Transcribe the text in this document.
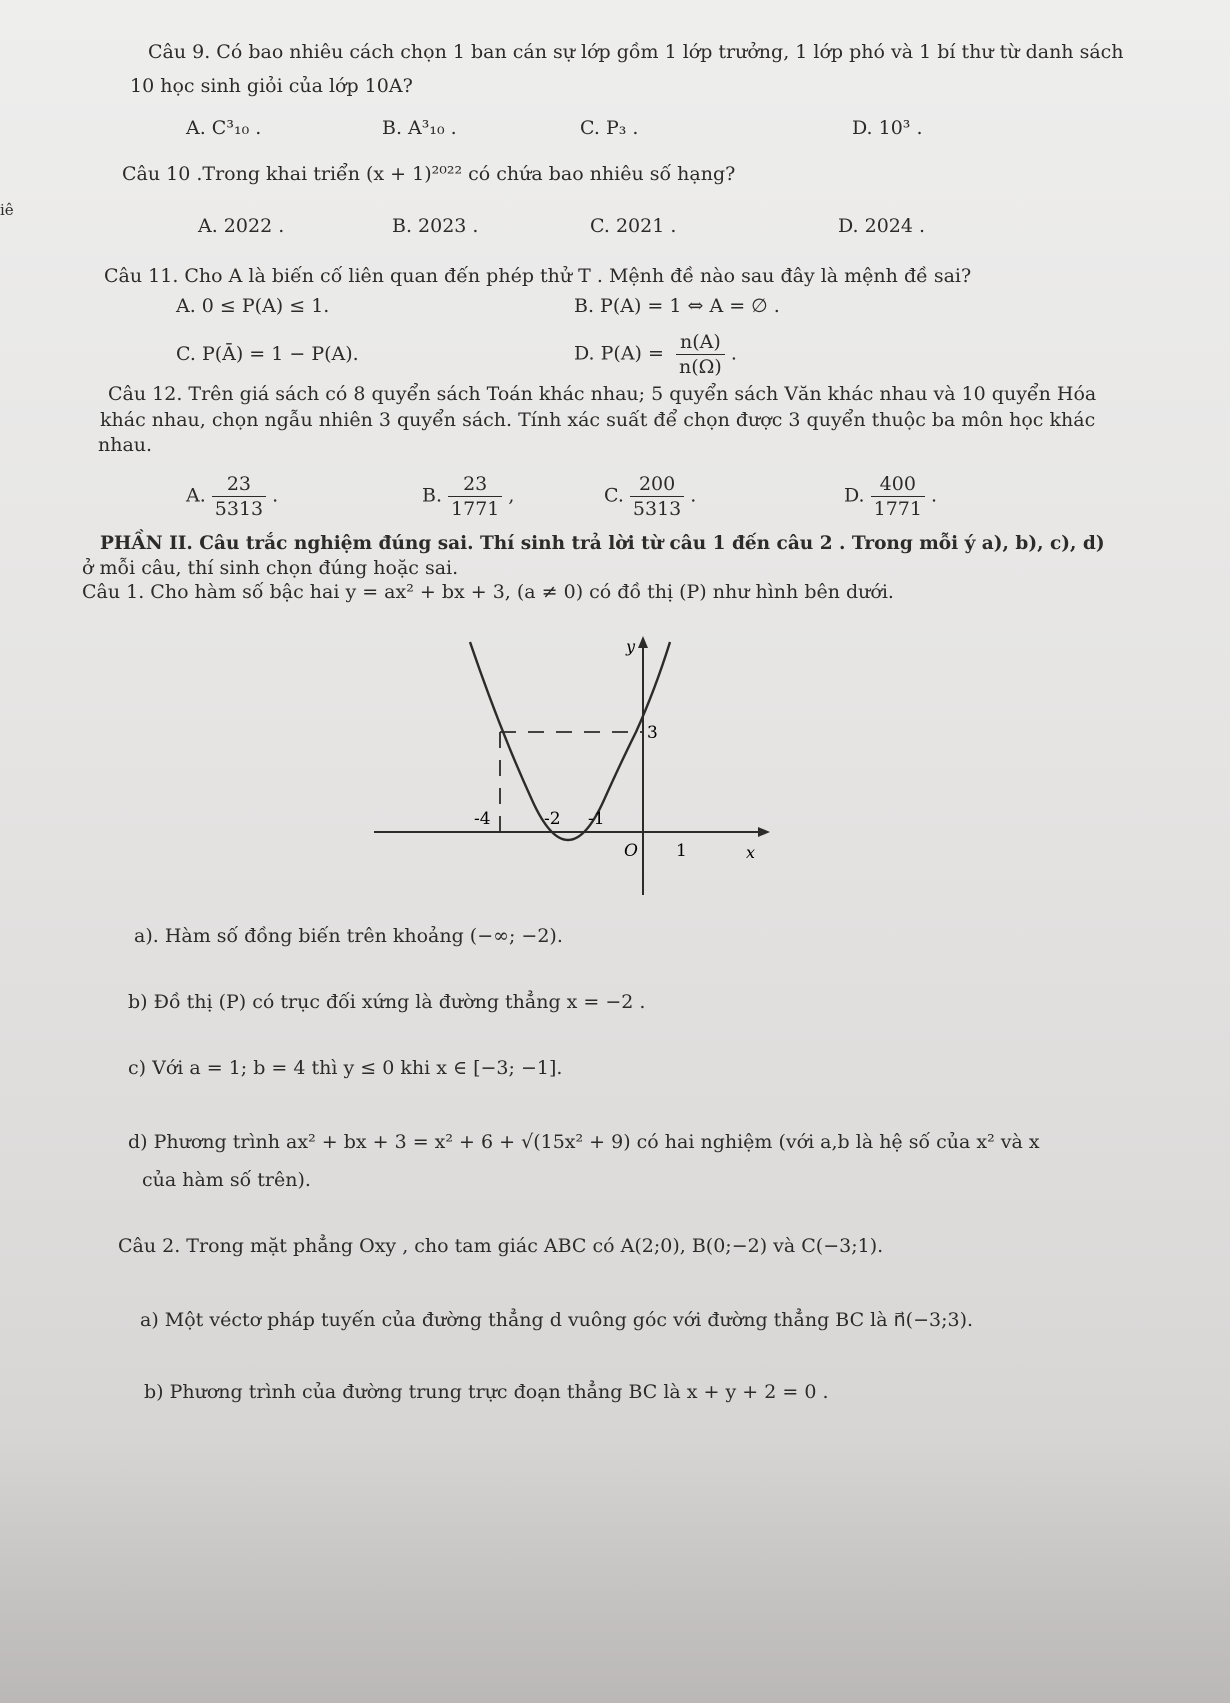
Câu 9. Có bao nhiêu cách chọn 1 ban cán sự lớp gồm 1 lớp trưởng, 1 lớp phó và 1 bí thư từ danh sách
10 học sinh giỏi của lớp 10A?
A. C³₁₀ .	B. A³₁₀ .	C. P₃ .	D. 10³ .
Câu 10 .Trong khai triển (x + 1)²⁰²² có chứa bao nhiêu số hạng?
iê
A. 2022 .	B. 2023 .	C. 2021 .	D. 2024 .
Câu 11. Cho A là biến cố liên quan đến phép thử T . Mệnh đề nào sau đây là mệnh đề sai?
A. 0 ≤ P(A) ≤ 1.	B. P(A) = 1 ⇔ A = ∅ .
C. P(Ā) = 1 − P(A).	D. $P(A) = \frac{n(A)}{n(\Omega)}$ .
Câu 12. Trên giá sách có 8 quyển sách Toán khác nhau; 5 quyển sách Văn khác nhau và 10 quyển Hóa
khác nhau, chọn ngẫu nhiên 3 quyển sách. Tính xác suất để chọn được 3 quyển thuộc ba môn học khác
nhau.
A. $\frac{23}{5313}$ .	B. $\frac{23}{1771}$ ,	C. $\frac{200}{5313}$ .	D. $\frac{400}{1771}$ .
PHẦN II. Câu trắc nghiệm đúng sai. Thí sinh trả lời từ câu 1 đến câu 2 . Trong mỗi ý a), b), c), d)
ở mỗi câu, thí sinh chọn đúng hoặc sai.
Câu 1. Cho hàm số bậc hai y = ax² + bx + 3, (a ≠ 0) có đồ thị (P) như hình bên dưới.
y
x
O
3
-4	-2 -1
1
a). Hàm số đồng biến trên khoảng (−∞; −2).
b) Đồ thị (P) có trục đối xứng là đường thẳng x = −2 .
c) Với a = 1; b = 4 thì y ≤ 0 khi x ∈ [−3; −1].
d) Phương trình ax² + bx + 3 = x² + 6 + √(15x² + 9) có hai nghiệm (với a,b là hệ số của x² và x
của hàm số trên).
Câu 2. Trong mặt phẳng Oxy , cho tam giác ABC có A(2;0), B(0;−2) và C(−3;1).
a) Một véctơ pháp tuyến của đường thẳng d vuông góc với đường thẳng BC là n⃗(−3;3).
b) Phương trình của đường trung trực đoạn thẳng BC là x + y + 2 = 0 .
